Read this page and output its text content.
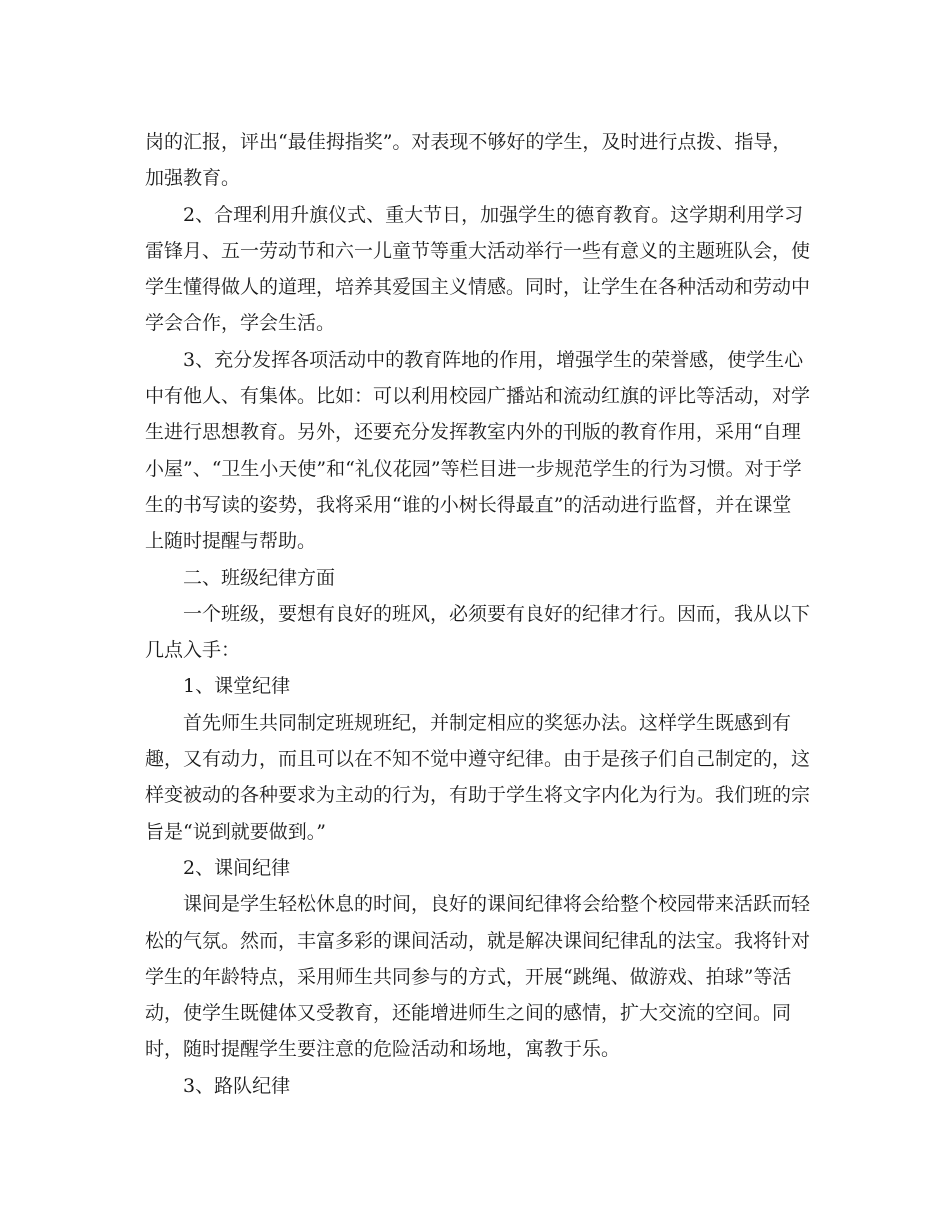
岗的汇报，评出“最佳拇指奖”。对表现不够好的学生，及时进行点拨、指导，加强教育。

2、合理利用升旗仪式、重大节日，加强学生的德育教育。这学期利用学习雷锋月、五一劳动节和六一儿童节等重大活动举行一些有意义的主题班队会，使学生懂得做人的道理，培养其爱国主义情感。同时，让学生在各种活动和劳动中学会合作，学会生活。

3、充分发挥各项活动中的教育阵地的作用，增强学生的荣誉感，使学生心中有他人、有集体。比如：可以利用校园广播站和流动红旗的评比等活动，对学生进行思想教育。另外，还要充分发挥教室内外的刊版的教育作用，采用“自理小屋”、“卫生小天使”和“礼仪花园”等栏目进一步规范学生的行为习惯。对于学生的书写读的姿势，我将采用“谁的小树长得最直”的活动进行监督，并在课堂上随时提醒与帮助。

二、班级纪律方面

一个班级，要想有良好的班风，必须要有良好的纪律才行。因而，我从以下几点入手：

1、课堂纪律

首先师生共同制定班规班纪，并制定相应的奖惩办法。这样学生既感到有趣，又有动力，而且可以在不知不觉中遵守纪律。由于是孩子们自己制定的，这样变被动的各种要求为主动的行为，有助于学生将文字内化为行为。我们班的宗旨是“说到就要做到。”

2、课间纪律

课间是学生轻松休息的时间，良好的课间纪律将会给整个校园带来活跃而轻松的气氛。然而，丰富多彩的课间活动，就是解决课间纪律乱的法宝。我将针对学生的年龄特点，采用师生共同参与的方式，开展“跳绳、做游戏、拍球”等活动，使学生既健体又受教育，还能增进师生之间的感情，扩大交流的空间。同时，随时提醒学生要注意的危险活动和场地，寓教于乐。

3、路队纪律
